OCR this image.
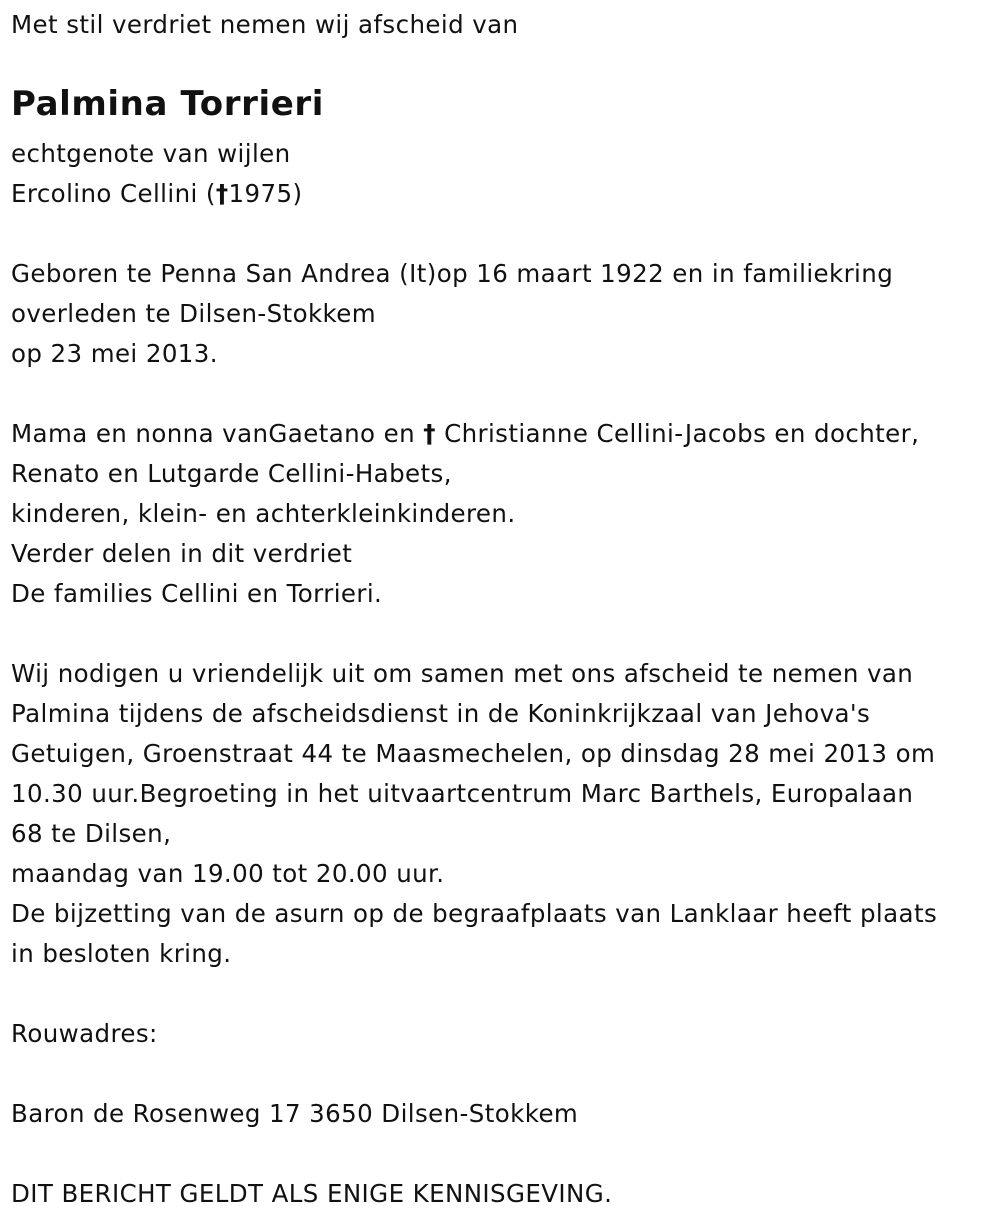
Met stil verdriet nemen wij afscheid van
Palmina Torrieri
echtgenote van wijlen
Ercolino Cellini (†1975)
Geboren te Penna San Andrea (It)op 16 maart 1922 en in familiekring
overleden te Dilsen-Stokkem
op 23 mei 2013.
Mama en nonna vanGaetano en † Christianne Cellini-Jacobs en dochter,
Renato en Lutgarde Cellini-Habets,
kinderen, klein- en achterkleinkinderen.
Verder delen in dit verdriet
De families Cellini en Torrieri.
Wij nodigen u vriendelijk uit om samen met ons afscheid te nemen van
Palmina tijdens de afscheidsdienst in de Koninkrijkzaal van Jehova's
Getuigen, Groenstraat 44 te Maasmechelen, op dinsdag 28 mei 2013 om
10.30 uur.Begroeting in het uitvaartcentrum Marc Barthels, Europalaan
68 te Dilsen,
maandag van 19.00 tot 20.00 uur.
De bijzetting van de asurn op de begraafplaats van Lanklaar heeft plaats
in besloten kring.
Rouwadres:
Baron de Rosenweg 17 3650 Dilsen-Stokkem
DIT BERICHT GELDT ALS ENIGE KENNISGEVING.
